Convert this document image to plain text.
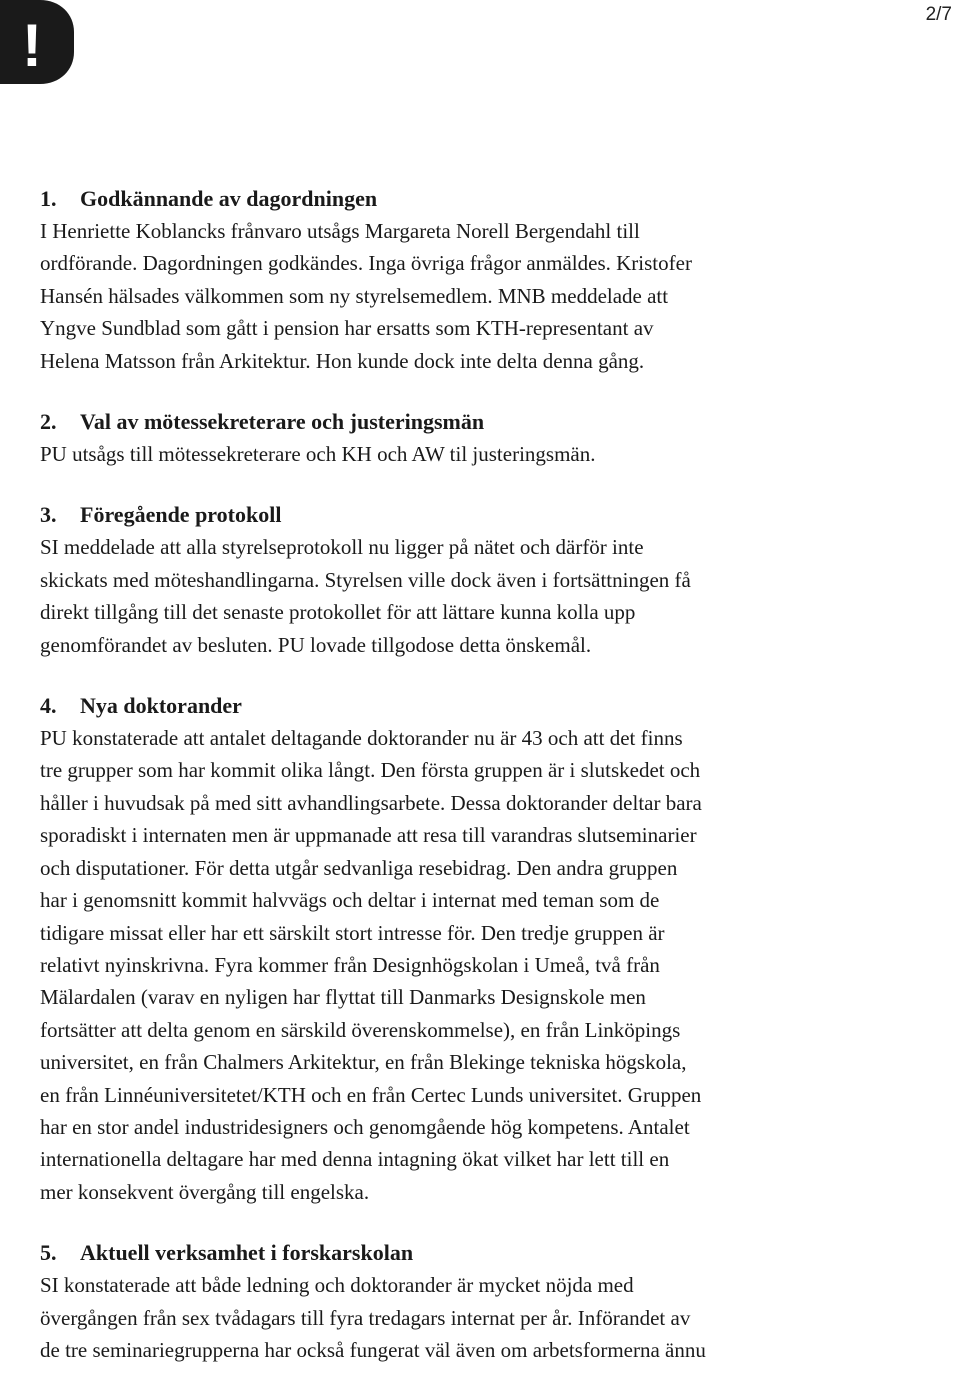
!	2/7
1. Godkännande av dagordningen
I Henriette Koblancks frånvaro utsågs Margareta Norell Bergendahl till
ordförande. Dagordningen godkändes. Inga övriga frågor anmäldes. Kristofer
Hansén hälsades välkommen som ny styrelsemedlem. MNB meddelade att
Yngve Sundblad som gått i pension har ersatts som KTH-representant av
Helena Matsson från Arkitektur. Hon kunde dock inte delta denna gång.
2. Val av mötessekreterare och justeringsmän
PU utsågs till mötessekreterare och KH och AW til justeringsmän.
3. Föregående protokoll
SI meddelade att alla styrelseprotokoll nu ligger på nätet och därför inte
skickats med möteshandlingarna. Styrelsen ville dock även i fortsättningen få
direkt tillgång till det senaste protokollet för att lättare kunna kolla upp
genomförandet av besluten. PU lovade tillgodose detta önskemål.
4. Nya doktorander
PU konstaterade att antalet deltagande doktorander nu är 43 och att det finns
tre grupper som har kommit olika långt. Den första gruppen är i slutskedet och
håller i huvudsak på med sitt avhandlingsarbete. Dessa doktorander deltar bara
sporadiskt i internaten men är uppmanade att resa till varandras slutseminarier
och disputationer. För detta utgår sedvanliga resebidrag. Den andra gruppen
har i genomsnitt kommit halvvägs och deltar i internat med teman som de
tidigare missat eller har ett särskilt stort intresse för. Den tredje gruppen är
relativt nyinskrivna. Fyra kommer från Designhögskolan i Umeå, två från
Mälardalen (varav en nyligen har flyttat till Danmarks Designskole men
fortsätter att delta genom en särskild överenskommelse), en från Linköpings
universitet, en från Chalmers Arkitektur, en från Blekinge tekniska högskola,
en från Linnéuniversitetet/KTH och en från Certec Lunds universitet. Gruppen
har en stor andel industridesigners och genomgående hög kompetens. Antalet
internationella deltagare har med denna intagning ökat vilket har lett till en
mer konsekvent övergång till engelska.
5. Aktuell verksamhet i forskarskolan
SI konstaterade att både ledning och doktorander är mycket nöjda med
övergången från sex tvådagars till fyra tredagars internat per år. Införandet av
de tre seminariegrupperna har också fungerat väl även om arbetsformerna ännu
